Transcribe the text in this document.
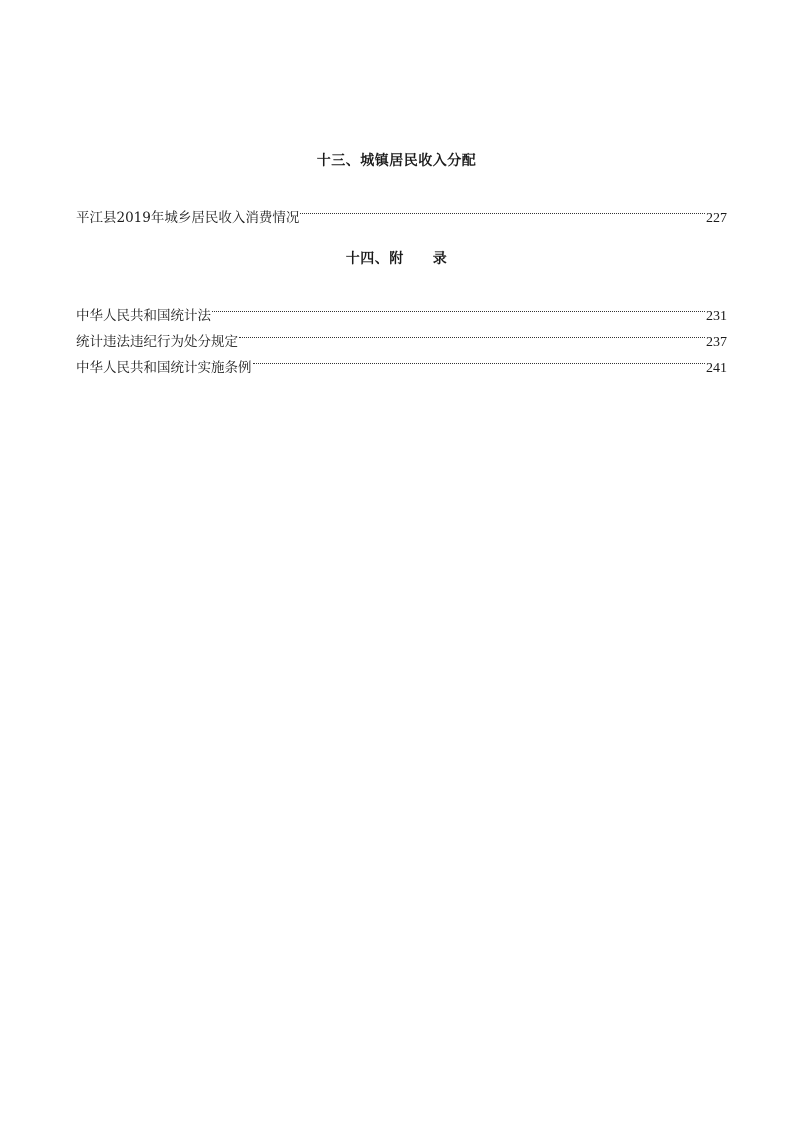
十三、城镇居民收入分配
平江县2019年城乡居民收入消费情况	227
十四、附　　录
中华人民共和国统计法	231
统计违法违纪行为处分规定	237
中华人民共和国统计实施条例	241
